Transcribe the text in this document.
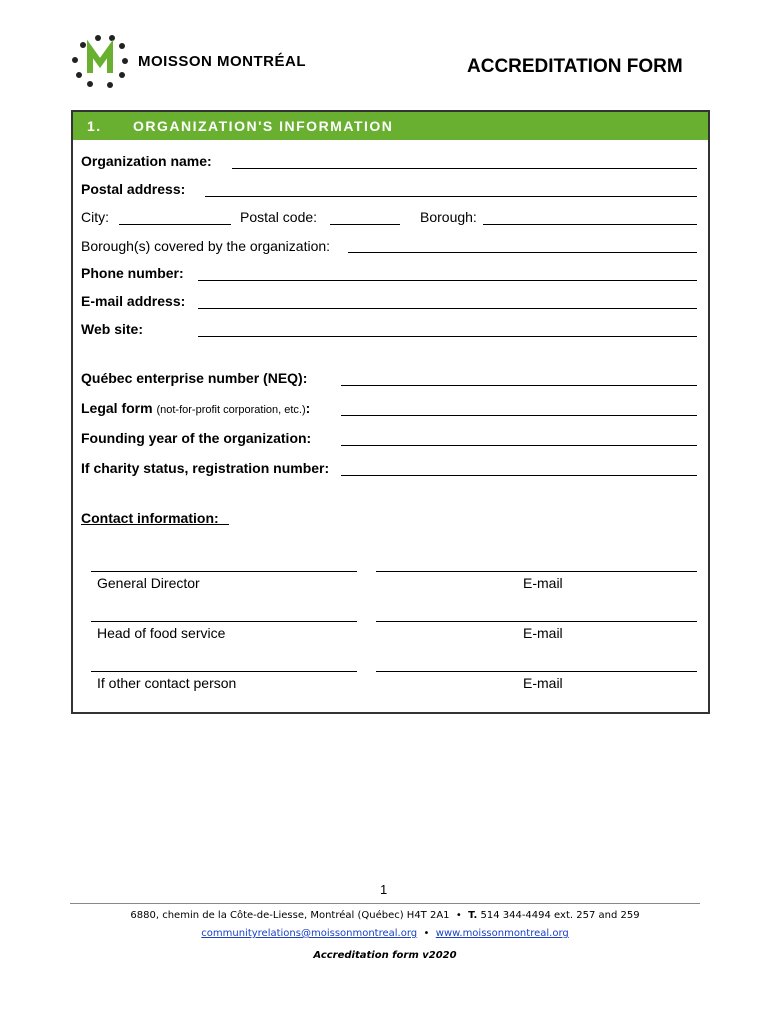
MOISSON MONTRÉAL	ACCREDITATION FORM
1. ORGANIZATION'S INFORMATION
Organization name:
Postal address:
City:	Postal code:	Borough:
Borough(s) covered by the organization:
Phone number:
E-mail address:
Web site:
Québec enterprise number (NEQ):
Legal form (not-for-profit corporation, etc.):
Founding year of the organization:
If charity status, registration number:
Contact information:
General Director	E-mail
Head of food service	E-mail
If other contact person	E-mail
1
6880, chemin de la Côte-de-Liesse, Montréal (Québec) H4T 2A1  •  T. 514 344-4494 ext. 257 and 259
communityrelations@moissonmontreal.org  •  www.moissonmontreal.org
Accreditation form v2020
